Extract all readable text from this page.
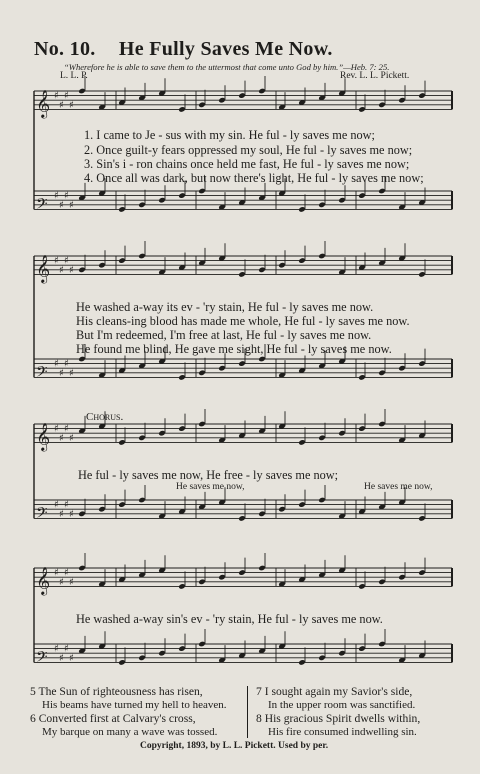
No. 10. He Fully Saves Me Now.
“Wherefore he is able to save them to the uttermost that come unto God by him.”—Heb. 7: 25.
L. L. P.	Rev. L. L. Pickett.
𝄞 ♯
♯
♯
♯
𝄢 ♯
♯
♯
♯
𝄞 ♯
♯
♯
♯
𝄢 ♯
♯
♯
♯
𝄞 ♯
♯
♯
♯
𝄢 ♯
♯
♯
♯
𝄞 ♯
♯
♯
♯
𝄢 ♯
♯
♯
♯
1. I came to Je - sus with my sin. He ful - ly saves me now;
2. Once guilt-y fears oppressed my soul, He ful - ly saves me now;
3. Sin's i - ron chains once held me fast, He ful - ly saves me now;
4. Once all was dark, but now there's light, He ful - ly saves me now;
He washed a-way its ev - 'ry stain, He ful - ly saves me now.
His cleans-ing blood has made me whole, He ful - ly saves me now.
But I'm redeemed, I'm free at last, He ful - ly saves me now.
He found me blind, He gave me sight, He ful - ly saves me now.
Chorus.
He ful - ly saves me now, He free - ly saves me now;
He saves me now,	He saves me now,
He washed a-way sin's ev - 'ry stain, He ful - ly saves me now.
5 The Sun of righteousness has risen,
His beams have turned my hell to heaven.
6 Converted first at Calvary's cross,
My barque on many a wave was tossed.
7 I sought again my Savior's side,
In the upper room was sanctified.
8 His gracious Spirit dwells within,
His fire consumed indwelling sin.
Copyright, 1893, by L. L. Pickett. Used by per.
